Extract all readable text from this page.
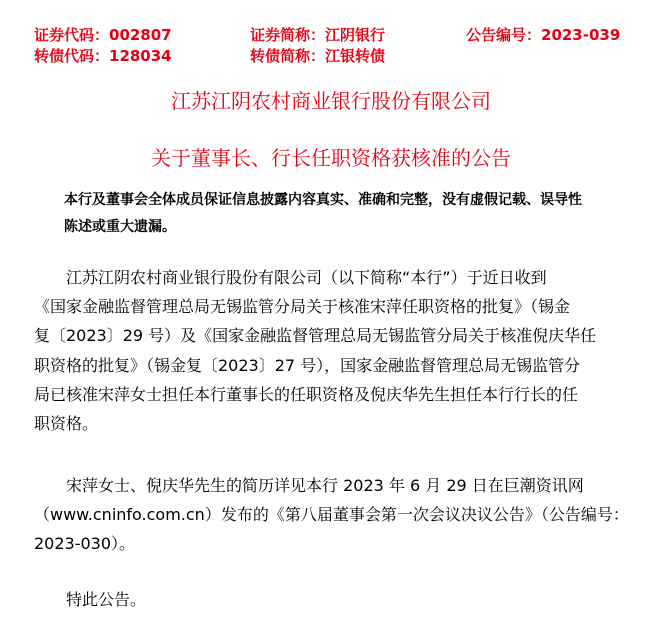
证券代码：002807	证券简称：江阴银行	公告编号：2023-039
转债代码：128034	转债简称：江银转债
江苏江阴农村商业银行股份有限公司
关于董事长、行长任职资格获核准的公告
本行及董事会全体成员保证信息披露内容真实、准确和完整，没有虚假记载、误导性
陈述或重大遗漏。
　　江苏江阴农村商业银行股份有限公司（以下简称“本行”）于近日收到
《国家金融监督管理总局无锡监管分局关于核准宋萍任职资格的批复》（锡金
复〔2023〕29 号）及《国家金融监督管理总局无锡监管分局关于核准倪庆华任
职资格的批复》（锡金复〔2023〕27 号），国家金融监督管理总局无锡监管分
局已核准宋萍女士担任本行董事长的任职资格及倪庆华先生担任本行行长的任
职资格。
　　宋萍女士、倪庆华先生的简历详见本行 2023 年 6 月 29 日在巨潮资讯网
（www.cninfo.com.cn）发布的《第八届董事会第一次会议决议公告》（公告编号：
2023-030）。
　　特此公告。
